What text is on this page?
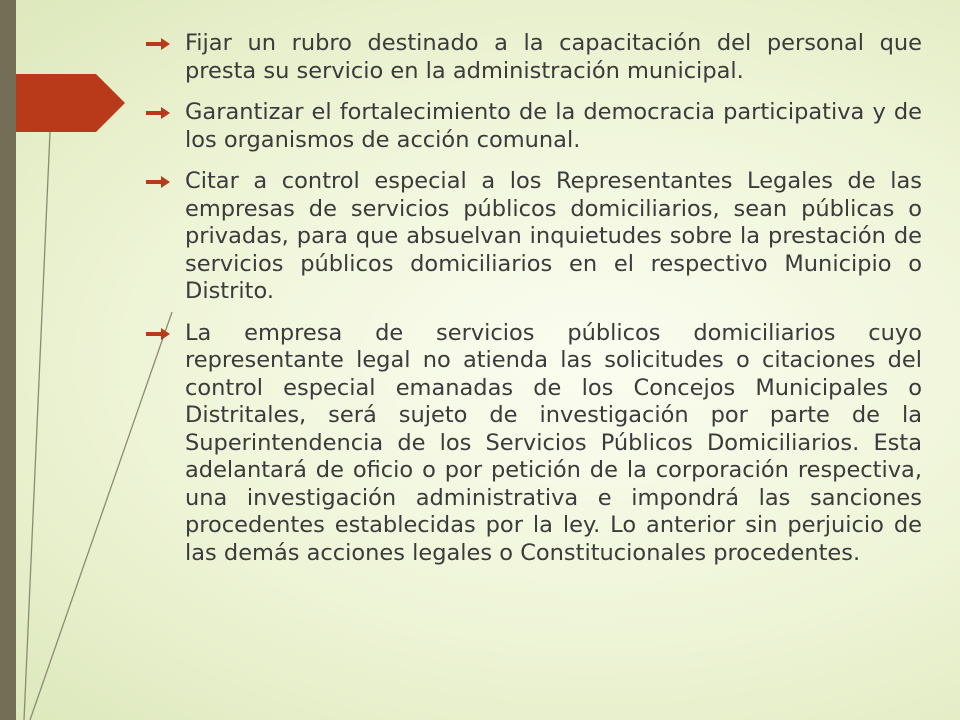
Fijar un rubro destinado a la capacitación del personal que presta su servicio en la administración municipal.
Garantizar el fortalecimiento de la democracia participativa y de los organismos de acción comunal.
Citar a control especial a los Representantes Legales de las empresas de servicios públicos domiciliarios, sean públicas o privadas, para que absuelvan inquietudes sobre la prestación de servicios públicos domiciliarios en el respectivo Municipio o Distrito.
La empresa de servicios públicos domiciliarios cuyo representante legal no atienda las solicitudes o citaciones del control especial emanadas de los Concejos Municipales o Distritales, será sujeto de investigación por parte de la Superintendencia de los Servicios Públicos Domiciliarios. Esta adelantará de oficio o por petición de la corporación respectiva, una investigación administrativa e impondrá las sanciones procedentes establecidas por la ley. Lo anterior sin perjuicio de las demás acciones legales o Constitucionales procedentes.
